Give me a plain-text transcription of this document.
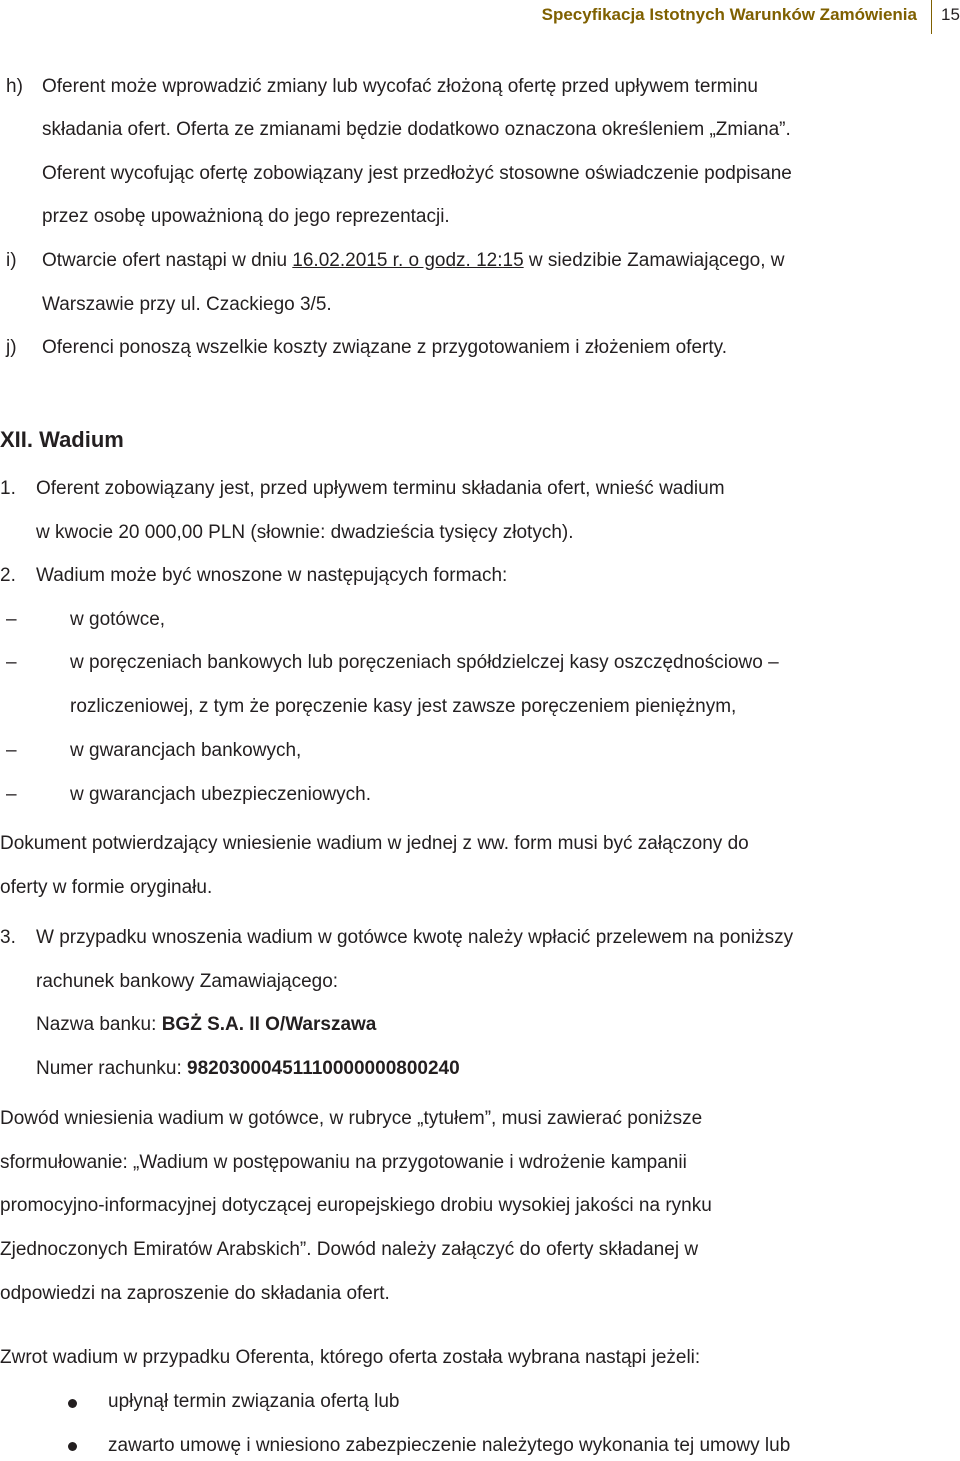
Specyfikacja Istotnych Warunków Zamówienia 15
h) Oferent może wprowadzić zmiany lub wycofać złożoną ofertę przed upływem terminu
składania ofert. Oferta ze zmianami będzie dodatkowo oznaczona określeniem „Zmiana”.
Oferent wycofując ofertę zobowiązany jest przedłożyć stosowne oświadczenie podpisane
przez osobę upoważnioną do jego reprezentacji.
i) Otwarcie ofert nastąpi w dniu 16.02.2015 r. o godz. 12:15 w siedzibie Zamawiającego, w
Warszawie przy ul. Czackiego 3/5.
j) Oferenci ponoszą wszelkie koszty związane z przygotowaniem i złożeniem oferty.
XII. Wadium
1. Oferent zobowiązany jest, przed upływem terminu składania ofert, wnieść wadium
w kwocie 20 000,00 PLN (słownie: dwadzieścia tysięcy złotych).
2. Wadium może być wnoszone w następujących formach:
–	w gotówce,
–	w poręczeniach bankowych lub poręczeniach spółdzielczej kasy oszczędnościowo –
rozliczeniowej, z tym że poręczenie kasy jest zawsze poręczeniem pieniężnym,
–	w gwarancjach bankowych,
–	w gwarancjach ubezpieczeniowych.
Dokument potwierdzający wniesienie wadium w jednej z ww. form musi być załączony do
oferty w formie oryginału.
3. W przypadku wnoszenia wadium w gotówce kwotę należy wpłacić przelewem na poniższy
rachunek bankowy Zamawiającego:
Nazwa banku: BGŻ S.A. II O/Warszawa
Numer rachunku: 98203000451110000000800240
Dowód wniesienia wadium w gotówce, w rubryce „tytułem”, musi zawierać poniższe
sformułowanie: „Wadium w postępowaniu na przygotowanie i wdrożenie kampanii
promocyjno-informacyjnej dotyczącej europejskiego drobiu wysokiej jakości na rynku
Zjednoczonych Emiratów Arabskich”. Dowód należy załączyć do oferty składanej w
odpowiedzi na zaproszenie do składania ofert.
Zwrot wadium w przypadku Oferenta, którego oferta została wybrana nastąpi jeżeli:
upłynął termin związania ofertą lub
zawarto umowę i wniesiono zabezpieczenie należytego wykonania tej umowy lub
